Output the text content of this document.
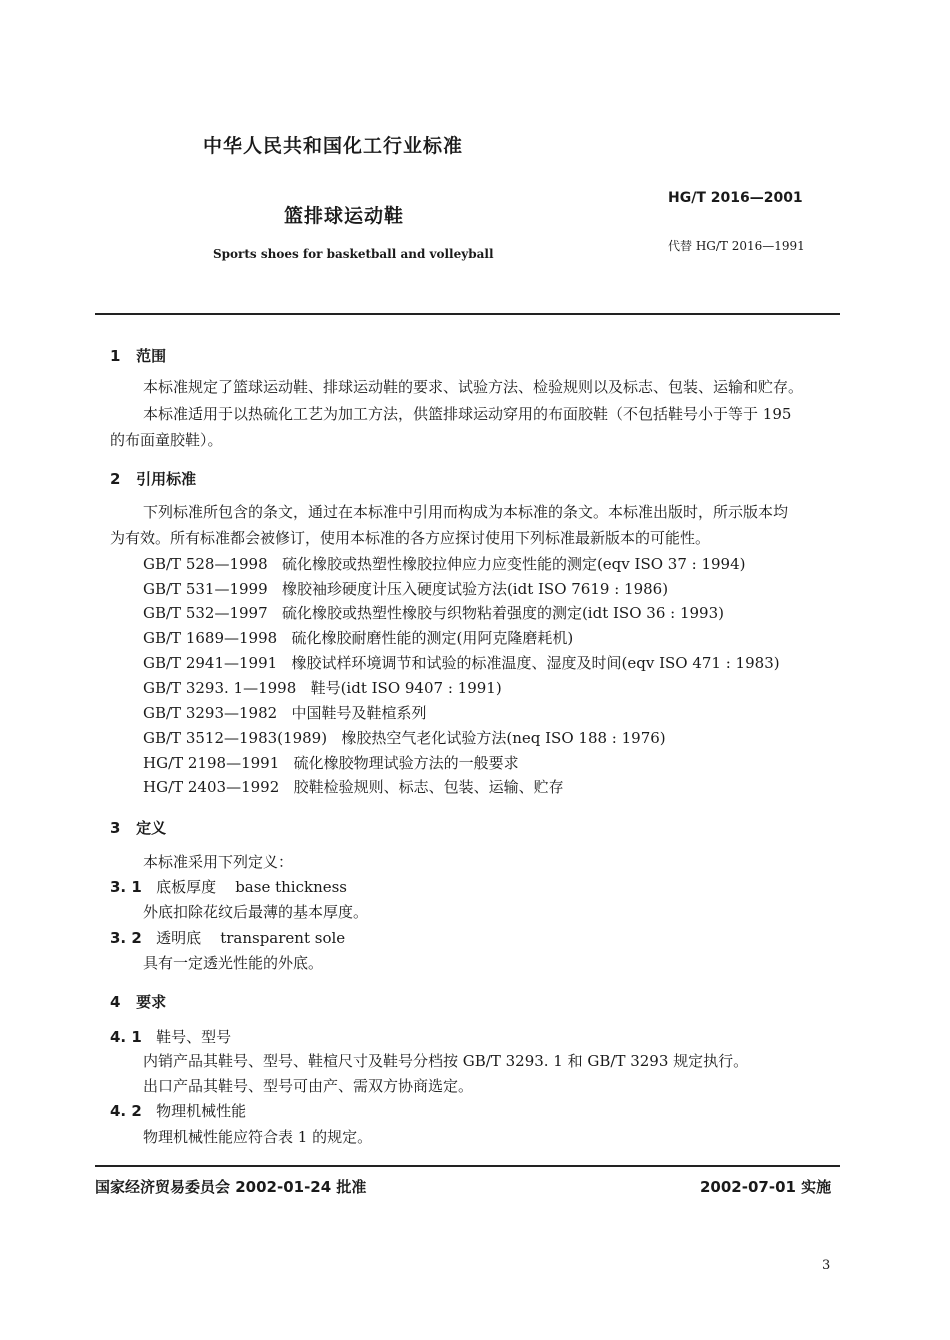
中华人民共和国化工行业标准
篮排球运动鞋
Sports shoes for basketball and volleyball
HG/T 2016—2001
代替 HG/T 2016—1991
1 范围
本标准规定了篮球运动鞋、排球运动鞋的要求、试验方法、检验规则以及标志、包装、运输和贮存。
本标准适用于以热硫化工艺为加工方法，供篮排球运动穿用的布面胶鞋（不包括鞋号小于等于 195
的布面童胶鞋）。
2 引用标准
下列标准所包含的条文，通过在本标准中引用而构成为本标准的条文。本标准出版时，所示版本均
为有效。所有标准都会被修订，使用本标准的各方应探讨使用下列标准最新版本的可能性。
GB/T 528—1998 硫化橡胶或热塑性橡胶拉伸应力应变性能的测定(eqv ISO 37 : 1994)
GB/T 531—1999 橡胶袖珍硬度计压入硬度试验方法(idt ISO 7619 : 1986)
GB/T 532—1997 硫化橡胶或热塑性橡胶与织物粘着强度的测定(idt ISO 36 : 1993)
GB/T 1689—1998 硫化橡胶耐磨性能的测定(用阿克隆磨耗机)
GB/T 2941—1991 橡胶试样环境调节和试验的标准温度、湿度及时间(eqv ISO 471 : 1983)
GB/T 3293. 1—1998 鞋号(idt ISO 9407 : 1991)
GB/T 3293—1982 中国鞋号及鞋楦系列
GB/T 3512—1983(1989) 橡胶热空气老化试验方法(neq ISO 188 : 1976)
HG/T 2198—1991 硫化橡胶物理试验方法的一般要求
HG/T 2403—1992 胶鞋检验规则、标志、包装、运输、贮存
3 定义
本标准采用下列定义：
3. 1 底板厚度 base thickness
外底扣除花纹后最薄的基本厚度。
3. 2 透明底 transparent sole
具有一定透光性能的外底。
4 要求
4. 1 鞋号、型号
内销产品其鞋号、型号、鞋楦尺寸及鞋号分档按 GB/T 3293. 1 和 GB/T 3293 规定执行。
出口产品其鞋号、型号可由产、需双方协商选定。
4. 2 物理机械性能
物理机械性能应符合表 1 的规定。
国家经济贸易委员会 2002-01-24 批准	2002-07-01 实施
3
